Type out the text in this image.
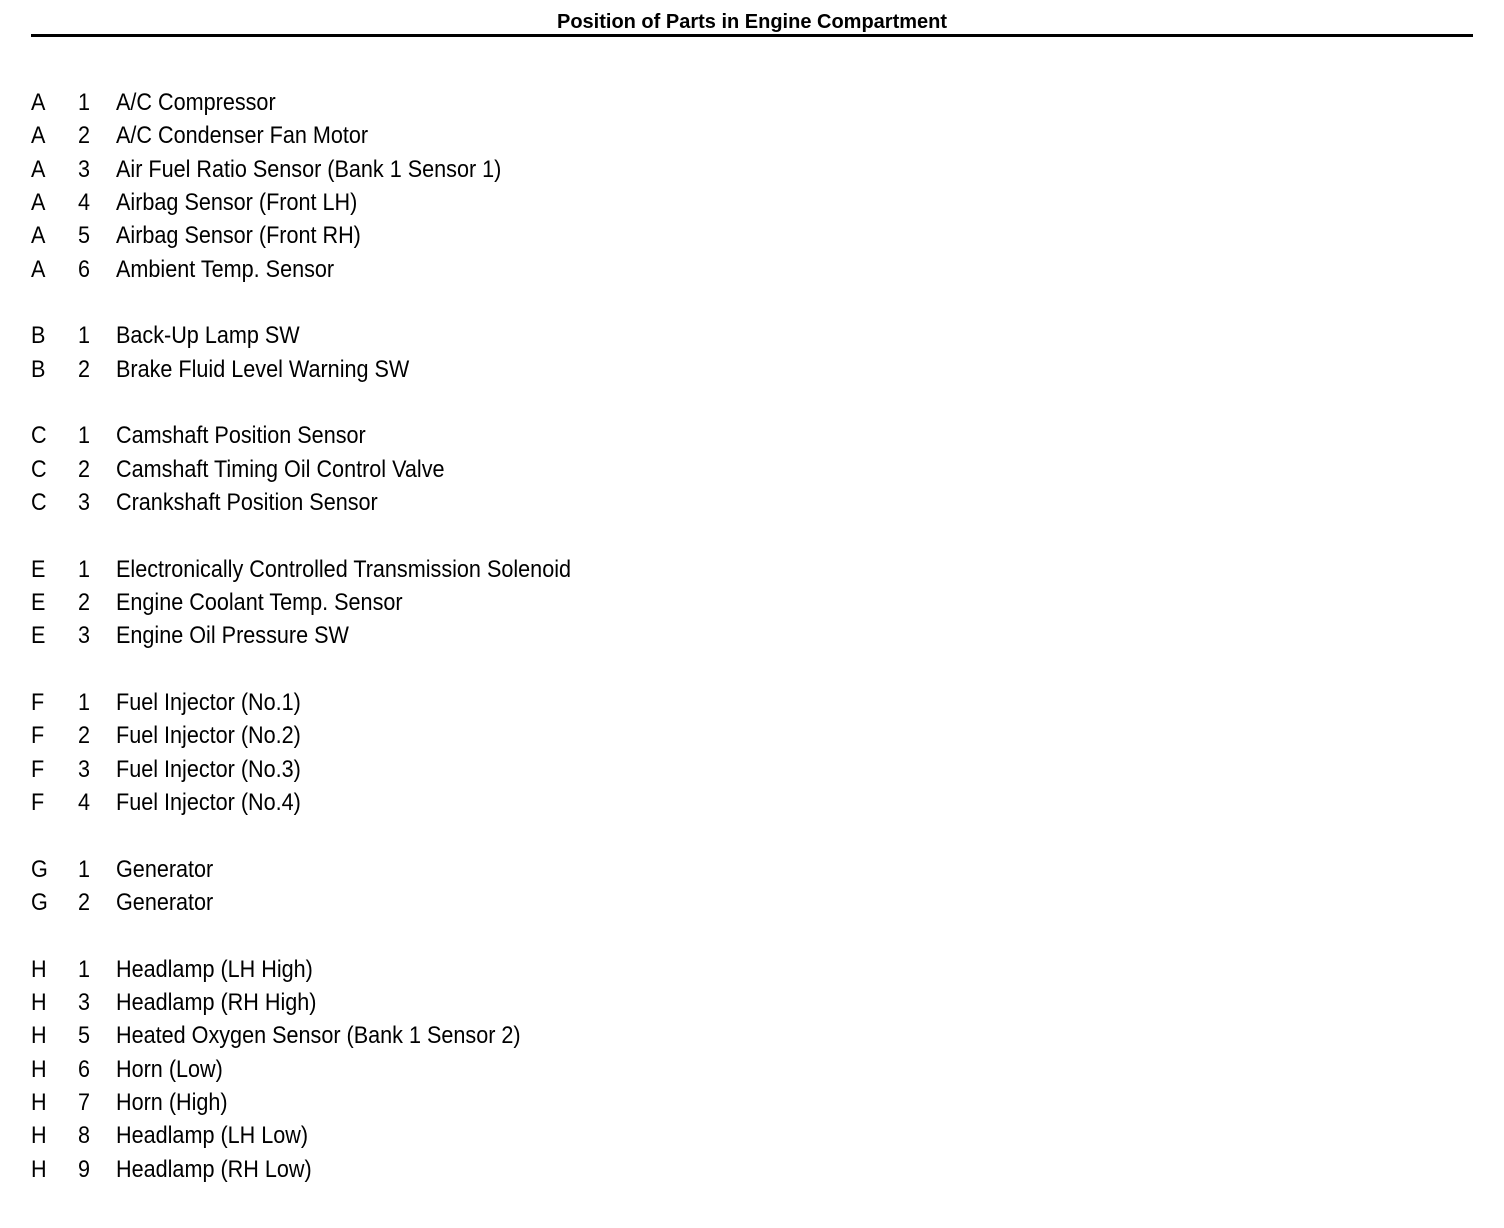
Position of Parts in Engine Compartment
A 1 A/C Compressor
A 2 A/C Condenser Fan Motor
A 3 Air Fuel Ratio Sensor (Bank 1 Sensor 1)
A 4 Airbag Sensor (Front LH)
A 5 Airbag Sensor (Front RH)
A 6 Ambient Temp. Sensor
B 1 Back-Up Lamp SW
B 2 Brake Fluid Level Warning SW
C 1 Camshaft Position Sensor
C 2 Camshaft Timing Oil Control Valve
C 3 Crankshaft Position Sensor
E 1 Electronically Controlled Transmission Solenoid
E 2 Engine Coolant Temp. Sensor
E 3 Engine Oil Pressure SW
F 1 Fuel Injector (No.1)
F 2 Fuel Injector (No.2)
F 3 Fuel Injector (No.3)
F 4 Fuel Injector (No.4)
G 1 Generator
G 2 Generator
H 1 Headlamp (LH High)
H 3 Headlamp (RH High)
H 5 Heated Oxygen Sensor (Bank 1 Sensor 2)
H 6 Horn (Low)
H 7 Horn (High)
H 8 Headlamp (LH Low)
H 9 Headlamp (RH Low)
